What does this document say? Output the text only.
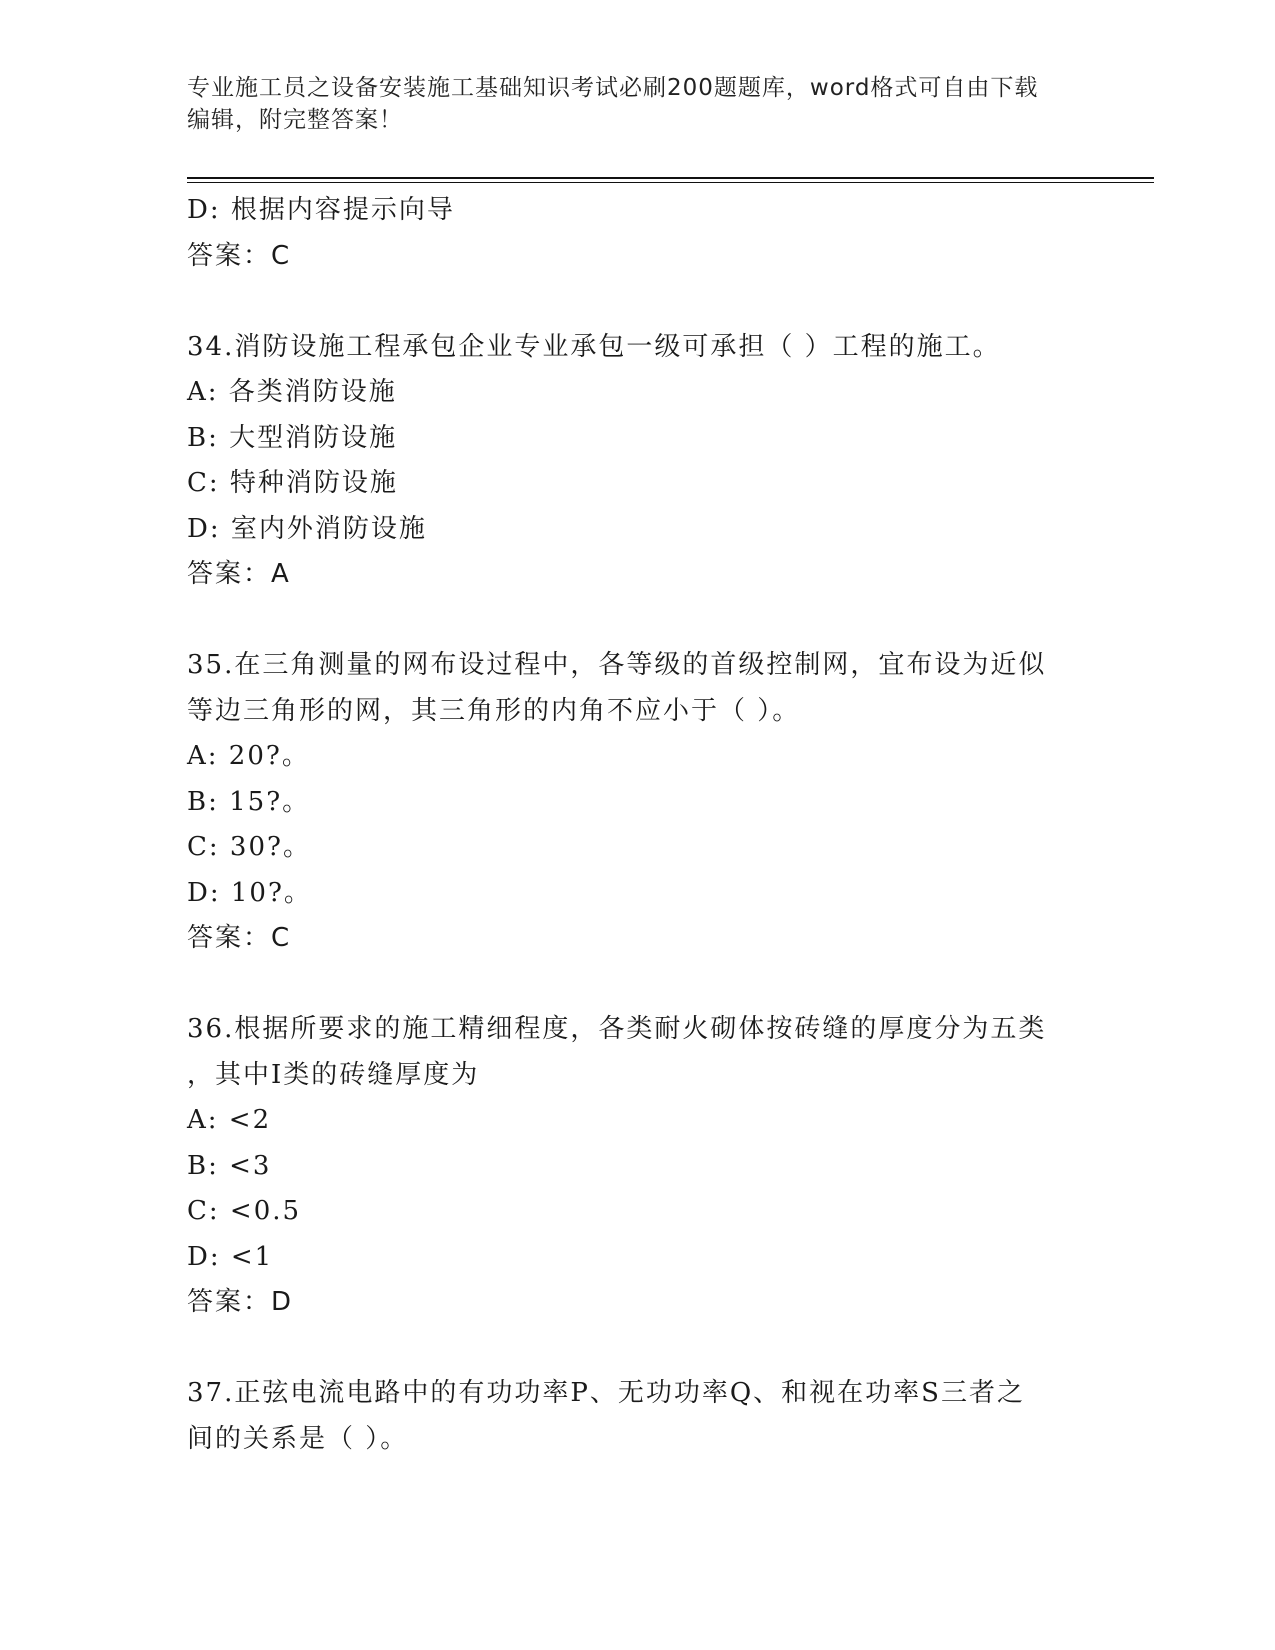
专业施工员之设备安装施工基础知识考试必刷200题题库，word格式可自由下载
编辑，附完整答案！
D: 根据内容提示向导
答案：C
34.消防设施工程承包企业专业承包一级可承担（ ）工程的施工。
A: 各类消防设施
B: 大型消防设施
C: 特种消防设施
D: 室内外消防设施
答案：A
35.在三角测量的网布设过程中，各等级的首级控制网，宜布设为近似
等边三角形的网，其三角形的内角不应小于（ ）。
A: 20?。
B: 15?。
C: 30?。
D: 10?。
答案：C
36.根据所要求的施工精细程度，各类耐火砌体按砖缝的厚度分为五类
，其中Ⅰ类的砖缝厚度为
A: <2
B: <3
C: <0.5
D: <1
答案：D
37.正弦电流电路中的有功功率P、无功功率Q、和视在功率S三者之
间的关系是（ ）。
